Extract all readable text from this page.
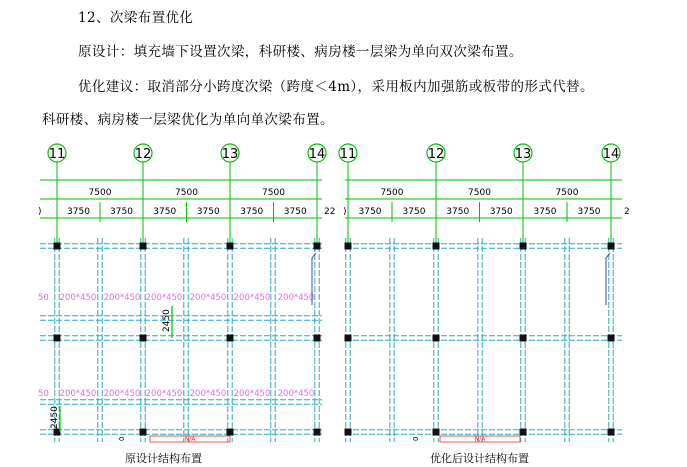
12、次梁布置优化
原设计：填充墙下设置次梁，科研楼、病房楼一层梁为单向双次梁布置。
优化建议：取消部分小跨度次梁（跨度＜4m），采用板内加强筋或板带的形式代替。
科研楼、病房楼一层梁优化为单向单次梁布置。
11	12	13	14
7500	7500	7500
3750 3750 3750 3750 3750 3750
)	22
200*450 200*450 200*450 200*450 200*450 200*450
50
200*450 200*450 200*450 200*450 200*450 200*450
50
2450
2450
N/A
0
11	12	13	14
7500	7500	7500
3750 3750 3750 3750 3750 3750
)	2
N/A
0
原设计结构布置	优化后设计结构布置
